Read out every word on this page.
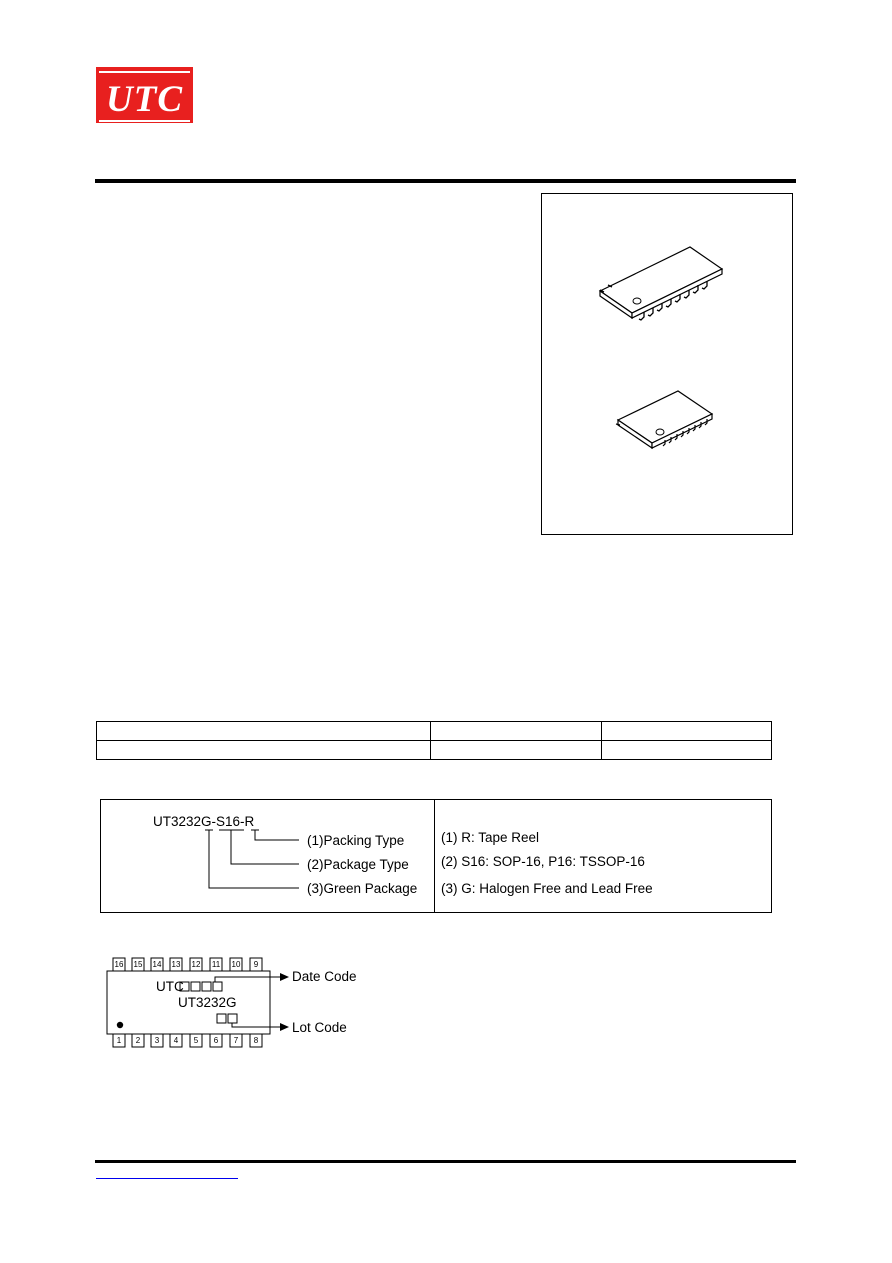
UTC

UT3232G-S16-R
(1)Packing Type
(2)Package Type
(3)Green Package
(1) R: Tape Reel
(2) S16: SOP-16, P16: TSSOP-16
(3) G: Halogen Free and Lead Free
16 15 14 13 12 11 10	9
1	2	3	4	5	6	7	8
UTC
UT3232G
Date Code
Lot Code
